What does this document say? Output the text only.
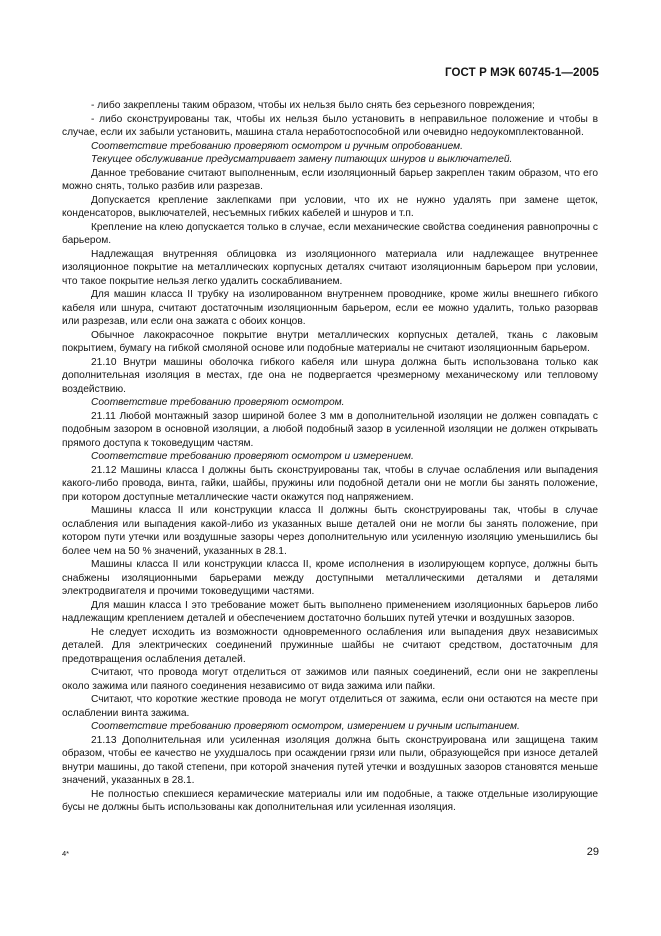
ГОСТ Р МЭК 60745-1—2005

- либо закреплены таким образом, чтобы их нельзя было снять без серьезного повреждения;

- либо сконструированы так, чтобы их нельзя было установить в неправильное положение и чтобы в случае, если их забыли установить, машина стала неработоспособной или очевидно недоукомплектованной.

Соответствие требованию проверяют осмотром и ручным опробованием.

Текущее обслуживание предусматривает замену питающих шнуров и выключателей.

Данное требование считают выполненным, если изоляционный барьер закреплен таким образом, что его можно снять, только разбив или разрезав.

Допускается крепление заклепками при условии, что их не нужно удалять при замене щеток, конденсаторов, выключателей, несъемных гибких кабелей и шнуров и т.п.

Крепление на клею допускается только в случае, если механические свойства соединения равнопрочны с барьером.

Надлежащая внутренняя облицовка из изоляционного материала или надлежащее внутреннее изоляционное покрытие на металлических корпусных деталях считают изоляционным барьером при условии, что такое покрытие нельзя легко удалить соскабливанием.

Для машин класса II трубку на изолированном внутреннем проводнике, кроме жилы внешнего гибкого кабеля или шнура, считают достаточным изоляционным барьером, если ее можно удалить, только разорвав или разрезав, или если она зажата с обоих концов.

Обычное лакокрасочное покрытие внутри металлических корпусных деталей, ткань с лаковым покрытием, бумагу на гибкой смоляной основе или подобные материалы не считают изоляционным барьером.

21.10 Внутри машины оболочка гибкого кабеля или шнура должна быть использована только как дополнительная изоляция в местах, где она не подвергается чрезмерному механическому или тепловому воздействию.

Соответствие требованию проверяют осмотром.

21.11 Любой монтажный зазор шириной более 3 мм в дополнительной изоляции не должен совпадать с подобным зазором в основной изоляции, а любой подобный зазор в усиленной изоляции не должен открывать прямого доступа к токоведущим частям.

Соответствие требованию проверяют осмотром и измерением.

21.12 Машины класса I должны быть сконструированы так, чтобы в случае ослабления или выпадения какого-либо провода, винта, гайки, шайбы, пружины или подобной детали они не могли бы занять положение, при котором доступные металлические части окажутся под напряжением.

Машины класса II или конструкции класса II должны быть сконструированы так, чтобы в случае ослабления или выпадения какой-либо из указанных выше деталей они не могли бы занять положение, при котором пути утечки или воздушные зазоры через дополнительную или усиленную изоляцию уменьшились бы более чем на 50 % значений, указанных в 28.1.

Машины класса II или конструкции класса II, кроме исполнения в изолирующем корпусе, должны быть снабжены изоляционными барьерами между доступными металлическими деталями и деталями электродвигателя и прочими токоведущими частями.

Для машин класса I это требование может быть выполнено применением изоляционных барьеров либо надлежащим креплением деталей и обеспечением достаточно больших путей утечки и воздушных зазоров.

Не следует исходить из возможности одновременного ослабления или выпадения двух независимых деталей. Для электрических соединений пружинные шайбы не считают средством, достаточным для предотвращения ослабления деталей.

Считают, что провода могут отделиться от зажимов или паяных соединений, если они не закреплены около зажима или паяного соединения независимо от вида зажима или пайки.

Считают, что короткие жесткие провода не могут отделиться от зажима, если они остаются на месте при ослаблении винта зажима.

Соответствие требованию проверяют осмотром, измерением и ручным испытанием.

21.13 Дополнительная или усиленная изоляция должна быть сконструирована или защищена таким образом, чтобы ее качество не ухудшалось при осаждении грязи или пыли, образующейся при износе деталей внутри машины, до такой степени, при которой значения путей утечки и воздушных зазоров становятся меньше значений, указанных в 28.1.

Не полностью спекшиеся керамические материалы или им подобные, а также отдельные изолирующие бусы не должны быть использованы как дополнительная или усиленная изоляция.

4*	29
